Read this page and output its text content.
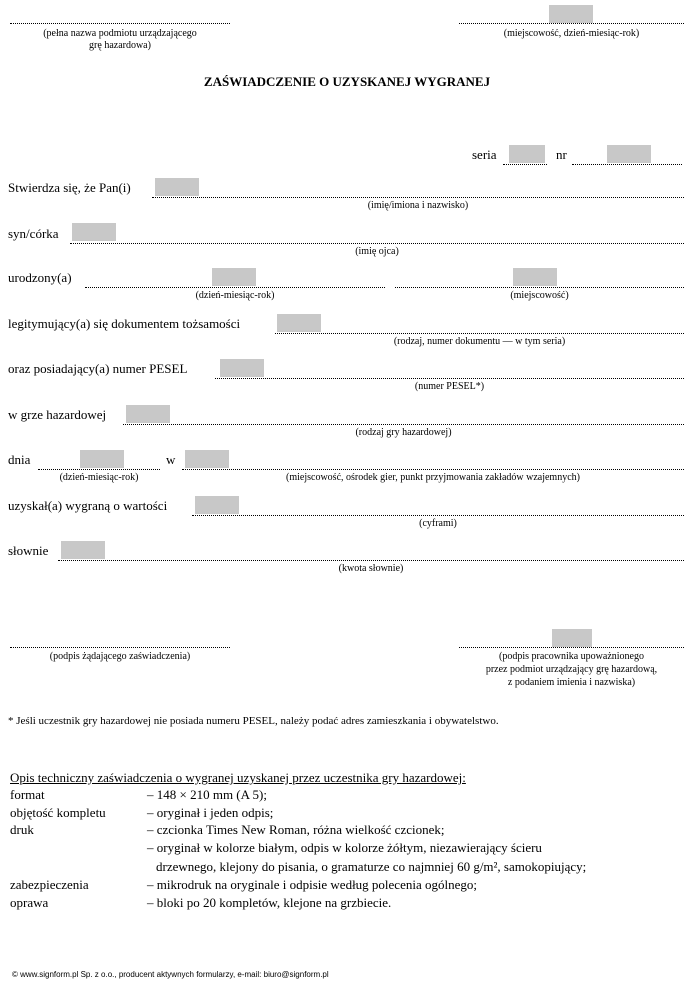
(pełna nazwa podmiotu urządzającego
grę hazardowa)
(miejscowość, dzień-miesiąc-rok)
ZAŚWIADCZENIE O UZYSKANEJ WYGRANEJ
seria	nr
Stwierdza się, że Pan(i)
(imię/imiona i nazwisko)
syn/córka
(imię ojca)
urodzony(a)
(dzień-miesiąc-rok)	(miejscowość)
legitymujący(a) się dokumentem tożsamości
(rodzaj, numer dokumentu — w tym seria)
oraz posiadający(a) numer PESEL
(numer PESEL*)
w grze hazardowej
(rodzaj gry hazardowej)
dnia
(dzień-miesiąc-rok)
w
(miejscowość, ośrodek gier, punkt przyjmowania zakładów wzajemnych)
uzyskał(a) wygraną o wartości
(cyframi)
słownie
(kwota słownie)
(podpis żądającego zaświadczenia)	(podpis pracownika upoważnionego
przez podmiot urządzający grę hazardową,
z podaniem imienia i nazwiska)
* Jeśli uczestnik gry hazardowej nie posiada numeru PESEL, należy podać adres zamieszkania i obywatelstwo.
Opis techniczny zaświadczenia o wygranej uzyskanej przez uczestnika gry hazardowej:
format	– 148 × 210 mm (A 5);
objętość kompletu	– oryginał i jeden odpis;
druk	– czcionka Times New Roman, różna wielkość czcionek;
– oryginał w kolorze białym, odpis w kolorze żółtym, niezawierający ścieru
drzewnego, klejony do pisania, o gramaturze co najmniej 60 g/m², samokopiujący;
zabezpieczenia	– mikrodruk na oryginale i odpisie według polecenia ogólnego;
oprawa	– bloki po 20 kompletów, klejone na grzbiecie.
© www.signform.pl Sp. z o.o., producent aktywnych formularzy, e-mail: biuro@signform.pl
